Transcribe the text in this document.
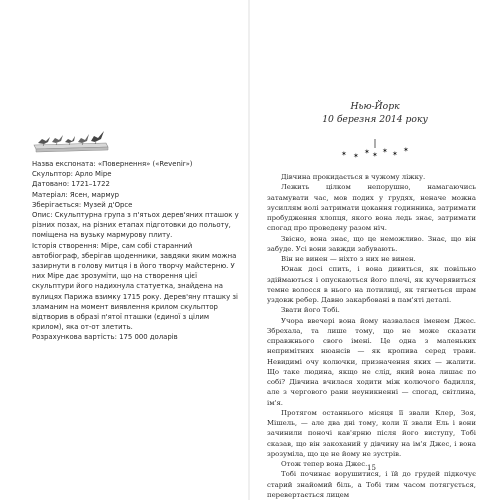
Назва експоната: «Повернення» («Revenir»)
Скульптор: Арло Міре
Датовано: 1721–1722
Матеріал: Ясен, мармур
Зберігається: Музей д'Орсе
Опис: Скульптурна група з п'ятьох дерев'яних пташок у різних позах, на різних етапах підготовки до польоту, поміщена на вузьку мармурову плиту.
Історія створення: Міре, сам собі старанний автобіограф, зберігав щоденники, завдяки яким можна зазирнути в голову митця і в його творчу майстерню. У них Міре дає зрозуміти, що на створення цієї скульптури його надихнула статуетка, знайдена на вулицях Парижа взимку 1715 року. Дерев'яну пташку зі зламаним на момент виявлення крилом скульптор відтворив в образі п'ятої пташки (єдиної з цілим крилом), яка от-от злетить.
Розрахункова вартість: 175 000 доларів
Нью-Йорк
10 березня 2014 року
✶ ✶ ✶ ✶ ✶ ✶ ✶

Дівчина прокидається в чужому ліжку.

Лежить цілком непорушно, намагаючись затамувати час, мов подих у грудях, неначе можна зусиллям волі затримати цокання годинника, затримати пробудження хлопця, якого вона ледь знає, затримати спогад про проведену разом ніч.

Звісно, вона знає, що це неможливо. Знає, що він забуде. Усі вони завжди забувають.

Він не винен — ніхто з них не винен.

Юнак досі спить, і вона дивиться, як повільно здіймаються і опускаються його плечі, як кучерявиться темне волосся в нього на потилиці, як тягнеться шрам уздовж ребер. Давно закарбовані в пам'яті деталі.

Звати його Тобі.

Учора ввечері вона йому назвалася іменем Джес. Збрехала, та лише тому, що не може сказати справжнього свого імені. Це одна з маленьких непримітних нюансів — як кропива серед трави. Невидимі очу колючки, призначення яких — жалити. Що таке людина, якщо не слід, який вона лишає по собі? Дівчина вчилася ходити між колючого бадилля, але з чергового рани неуникненні — спогад, світлина, ім'я.

Протягом останнього місяця її звали Клер, Зоя, Мішель, — але два дні тому, коли її звали Ель і вони зачинили поночі кав'ярню після його виступу, Тобі сказав, що він закоханий у дівчину на ім'я Джес, і вона зрозуміла, що це не йому не зустрів.

Отож тепер вона Джес.

Тобі починає ворушитися, і їй до грудей підкочує старий знайомий біль, а Тобі тим часом потягується, перевертається лицем

15
